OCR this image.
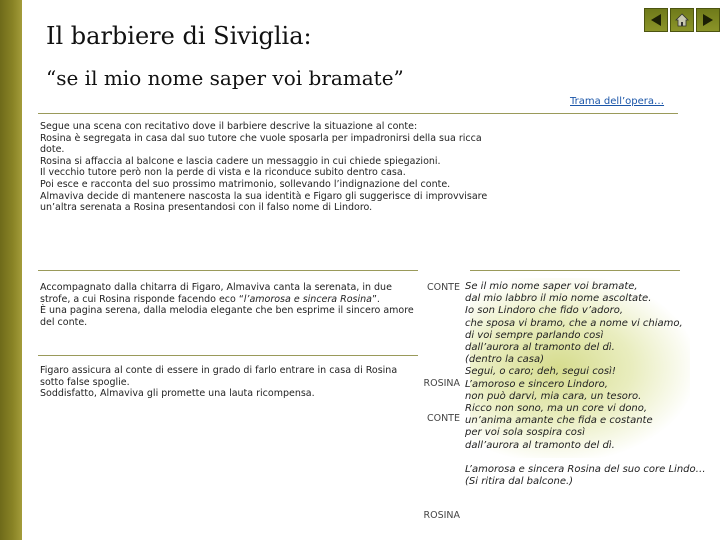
Il barbiere di Siviglia:
“se il mio nome saper voi bramate”
Trama dell’opera…

Segue una scena con recitativo dove il barbiere descrive la situazione al conte:

Rosina è segregata in casa dal suo tutore che vuole sposarla per impadronirsi della sua ricca dote.

Rosina si affaccia al balcone e lascia cadere un messaggio in cui chiede spiegazioni.

Il vecchio tutore però non la perde di vista e la riconduce subito dentro casa.

Poi esce e racconta del suo prossimo matrimonio, sollevando l’indignazione del conte.

Almaviva decide di mantenere nascosta la sua identità e Figaro gli suggerisce di improvvisare un’altra serenata a Rosina presentandosi con il falso nome di Lindoro.

Accompagnato dalla chitarra di Figaro, Almaviva canta la serenata, in due strofe, a cui Rosina risponde facendo eco “l’amorosa e sincera Rosina”.

È una pagina serena, dalla melodia elegante che ben esprime il sincero amore del conte.

Figaro assicura al conte di essere in grado di farlo entrare in casa di Rosina sotto false spoglie.

Soddisfatto, Almaviva gli promette una lauta ricompensa.

CONTE
ROSINA
CONTE
ROSINA
Se il mio nome saper voi bramate,
dal mio labbro il mio nome ascoltate.
Io son Lindoro che fido v’adoro,
che sposa vi bramo, che a nome vi chiamo,
di voi sempre parlando così
dall’aurora al tramonto del dì.
(dentro la casa)
Segui, o caro; deh, segui così!
L’amoroso e sincero Lindoro,
non può darvi, mia cara, un tesoro.
Ricco non sono, ma un core vi dono,
un’anima amante che fida e costante
per voi sola sospira così
dall’aurora al tramonto del dì.
L’amorosa e sincera Rosina del suo core Lindo…
(Si ritira dal balcone.)
